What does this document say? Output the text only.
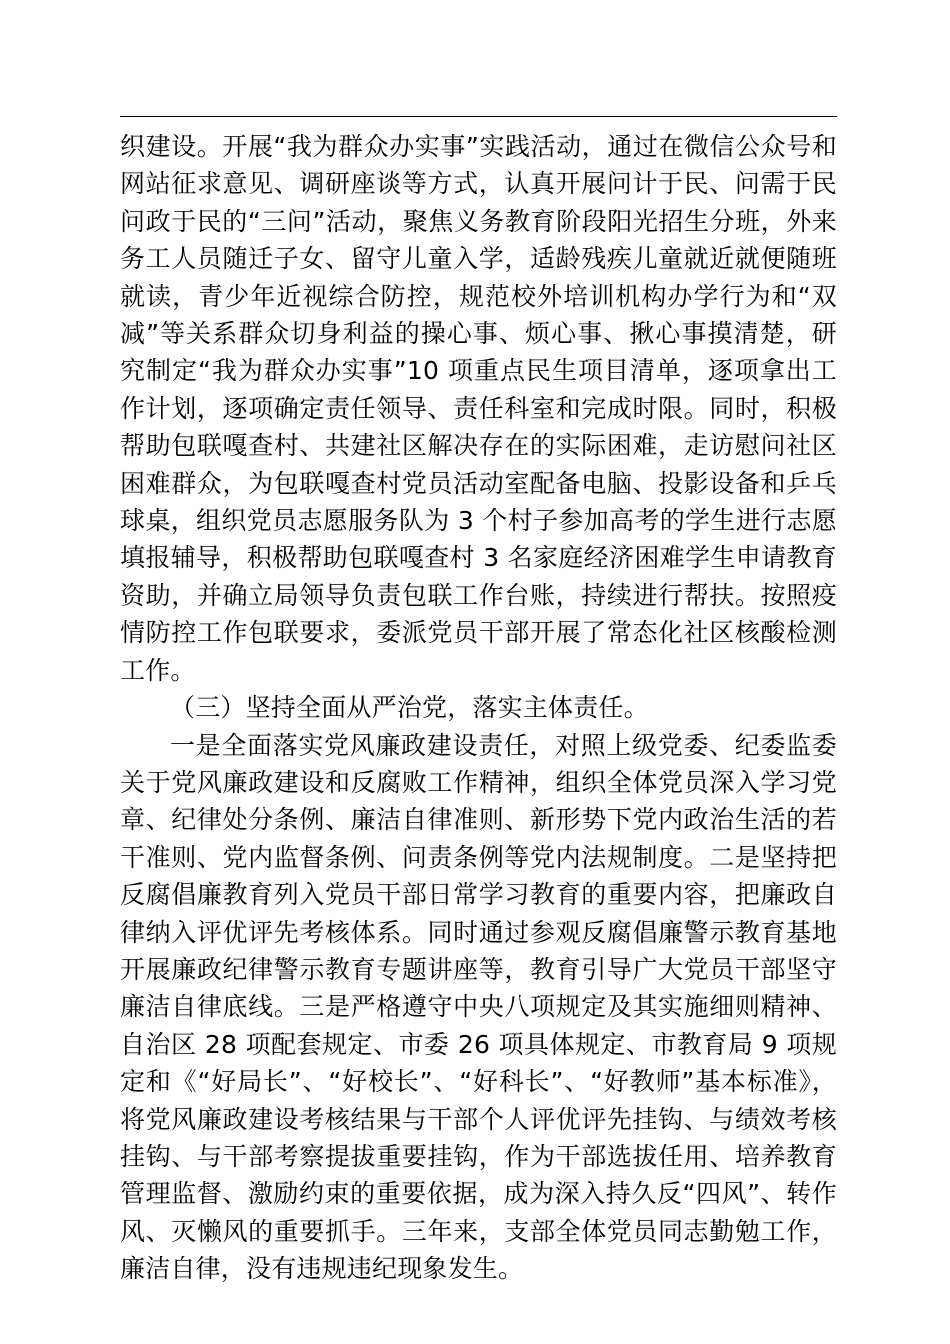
织建设。开展“我为群众办实事”实践活动，通过在微信公众号和网站征求意见、调研座谈等方式，认真开展问计于民、问需于民问政于民的“三问”活动，聚焦义务教育阶段阳光招生分班，外来务工人员随迁子女、留守儿童入学，适龄残疾儿童就近就便随班就读，青少年近视综合防控，规范校外培训机构办学行为和“双减”等关系群众切身利益的操心事、烦心事、揪心事摸清楚，研究制定“我为群众办实事”10 项重点民生项目清单，逐项拿出工作计划，逐项确定责任领导、责任科室和完成时限。同时，积极帮助包联嘎查村、共建社区解决存在的实际困难，走访慰问社区困难群众，为包联嘎查村党员活动室配备电脑、投影设备和乒乓球桌，组织党员志愿服务队为 3 个村子参加高考的学生进行志愿填报辅导，积极帮助包联嘎查村 3 名家庭经济困难学生申请教育资助，并确立局领导负责包联工作台账，持续进行帮扶。按照疫情防控工作包联要求，委派党员干部开展了常态化社区核酸检测工作。

（三）坚持全面从严治党，落实主体责任。

一是全面落实党风廉政建设责任，对照上级党委、纪委监委关于党风廉政建设和反腐败工作精神，组织全体党员深入学习党章、纪律处分条例、廉洁自律准则、新形势下党内政治生活的若干准则、党内监督条例、问责条例等党内法规制度。二是坚持把反腐倡廉教育列入党员干部日常学习教育的重要内容，把廉政自律纳入评优评先考核体系。同时通过参观反腐倡廉警示教育基地开展廉政纪律警示教育专题讲座等，教育引导广大党员干部坚守廉洁自律底线。三是严格遵守中央八项规定及其实施细则精神、自治区 28 项配套规定、市委 26 项具体规定、市教育局 9 项规定和《“好局长”、“好校长”、“好科长”、“好教师”基本标准》，将党风廉政建设考核结果与干部个人评优评先挂钩、与绩效考核挂钩、与干部考察提拔重要挂钩，作为干部选拔任用、培养教育管理监督、激励约束的重要依据，成为深入持久反“四风”、转作风、灭懒风的重要抓手。三年来，支部全体党员同志勤勉工作，廉洁自律，没有违规违纪现象发生。
